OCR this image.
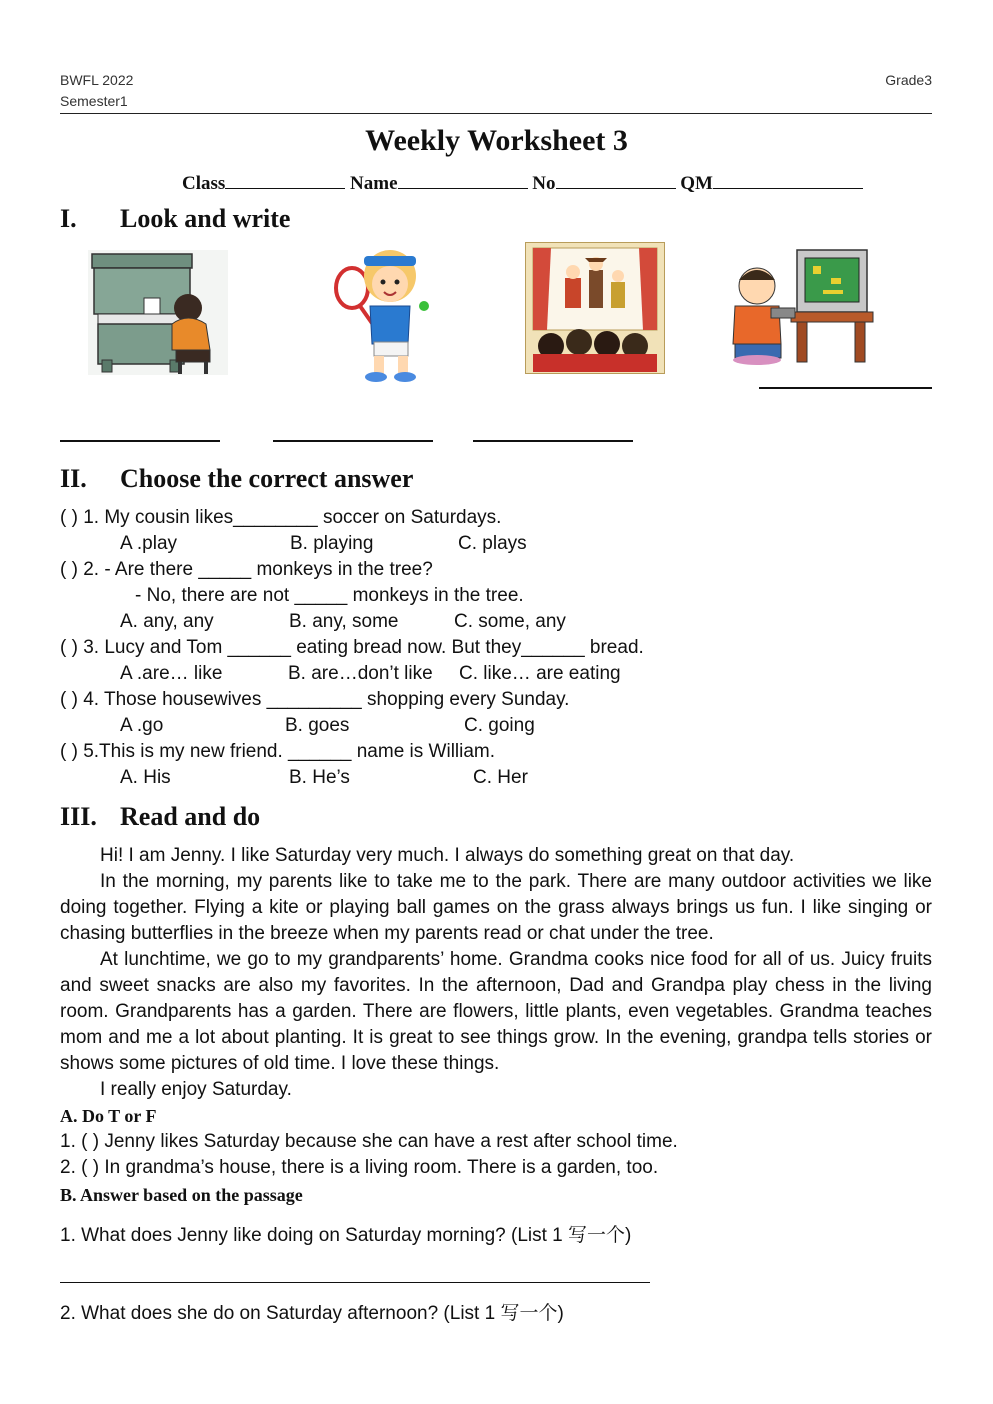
BWFL 2022
Semester1
Grade3
Weekly Worksheet 3
Class	Name	No	QM
I. Look and write
II. Choose the correct answer
( ) 1. My cousin likes________ soccer on Saturdays.
A .play	B. playing	C. plays
( ) 2. - Are there _____ monkeys in the tree?
- No, there are not _____ monkeys in the tree.
A. any, any	B. any, some	C. some, any
( ) 3. Lucy and Tom ______ eating bread now. But they______ bread.
A .are… like	B. are…don’t like C. like… are eating
( ) 4. Those housewives _________ shopping every Sunday.
A .go	B. goes	C. going
( ) 5.This is my new friend. ______ name is William.
A. His	B. He’s	C. Her
III. Read and do
Hi! I am Jenny. I like Saturday very much. I always do something great on that day.
In the morning, my parents like to take me to the park. There are many outdoor activities we like doing together. Flying a kite or playing ball games on the grass always brings us fun. I like singing or chasing butterflies in the breeze when my parents read or chat under the tree.
At lunchtime, we go to my grandparents’ home. Grandma cooks nice food for all of us. Juicy fruits and sweet snacks are also my favorites. In the afternoon, Dad and Grandpa play chess in the living room. Grandparents has a garden. There are flowers, little plants, even vegetables. Grandma teaches mom and me a lot about planting. It is great to see things grow. In the evening, grandpa tells stories or shows some pictures of old time. I love these things.
I really enjoy Saturday.
A. Do T or F
1. ( ) Jenny likes Saturday because she can have a rest after school time.
2. ( ) In grandma’s house, there is a living room. There is a garden, too.
B. Answer based on the passage
1. What does Jenny like doing on Saturday morning? (List 1 写一个)
2. What does she do on Saturday afternoon? (List 1 写一个)
